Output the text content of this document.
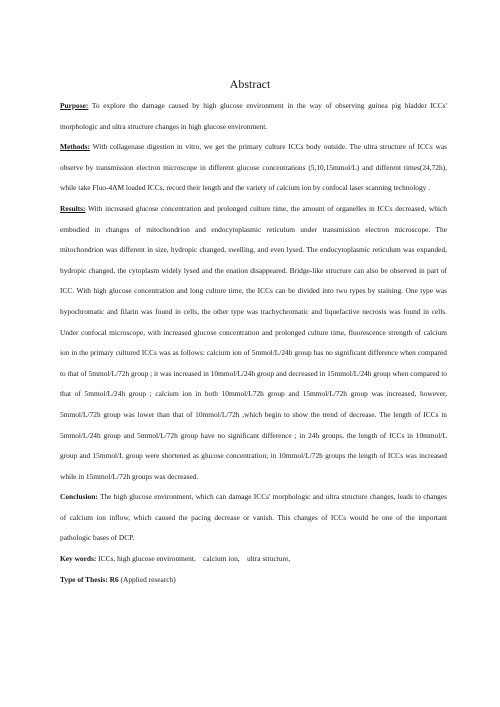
Abstract

Purpose: To explore the damage caused by high glucose environment in the way of observing guinea pig bladder ICCs' morphologic and ultra structure changes in high glucose environment.

Methods: With collagenase digestion in vitro, we get the primary culture ICCs body outside. The ultra structure of ICCs was observe by transmission electron microscope in different glucose concentrations (5,10,15mmol/L) and different times(24,72h), while take Fluo-4AM loaded ICCs, record their length and the variety of calcium ion by confocal laser scanning technology .

Results: With increased glucose concentration and prolonged culture time, the amount of organelles in ICCs decreased, which embodied in changes of mitochondrion and endocytoplasmic reticulum under transmission electron microscope. The mitochondrion was different in size, hydropic changed, swelling, and even lysed. The endocytoplasmic reticulum was expanded, hydropic changed, the cytoplasm widely lysed and the enation disappeared. Bridge-like structure can also be observed in part of ICC. With high glucose concentration and long culture time, the ICCs can be divided into two types by staining. One type was hypochromatic and filarin was found in cells, the other type was trachychromatic and liquefactive necrosis was found in cells. Under confocal microscope, with increased glucose concentration and prolonged culture time, fluorescence strength of calcium ion in the primary cultured ICCs was as follows: calcium ion of 5mmol/L/24h group has no significant difference when compared to that of 5mmol/L/72h group ; it was increased in 10mmol/L/24h group and decreased in 15mmol/L/24h group when compared to that of 5mmol/L/24h group ; calcium ion in both 10mmol/L72h group and 15mmol/L/72h group was increased, however, 5mmol/L/72h group was lower than that of 10mmol/L/72h ,which begin to show the trend of decrease. The length of ICCs in 5mmol/L/24h group and 5mmol/L/72h group have no significant difference ; in 24h groups, the length of ICCs in 10mmol/L group and 15mmol/L group were shortened as glucose concentration; in 10mmol/L/72h groups the length of ICCs was increased while in 15mmol/L/72h groups was decreased.

Conclusion: The high glucose environment, which can damage ICCs' morphologic and ultra structure changes, leads to changes of calcium ion inflow, which caused the pacing decrease or vanish. This changes of ICCs would be one of the important pathologic bases of DCP.

Key words: ICCs, high glucose environment,    calcium ion,    ultra structure,

Type of Thesis: R6 (Applied research)
